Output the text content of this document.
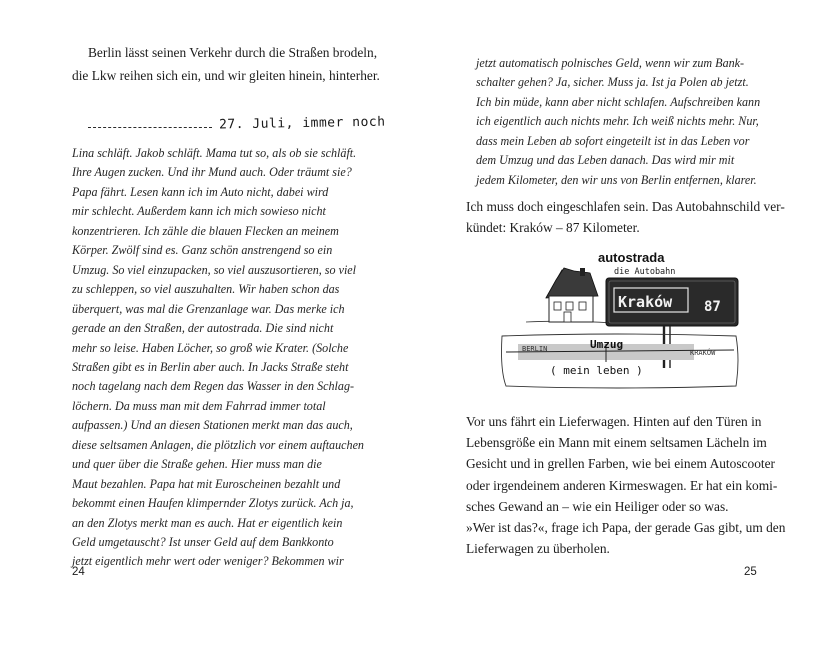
Berlin lässt seinen Verkehr durch die Straßen brodeln,
die Lkw reihen sich ein, und wir gleiten hinein, hinterher.
27. Juli, immer noch
Lina schläft. Jakob schläft. Mama tut so, als ob sie schläft.
Ihre Augen zucken. Und ihr Mund auch. Oder träumt sie?
Papa fährt. Lesen kann ich im Auto nicht, dabei wird
mir schlecht. Außerdem kann ich mich sowieso nicht
konzentrieren. Ich zähle die blauen Flecken an meinem
Körper. Zwölf sind es. Ganz schön anstrengend so ein
Umzug. So viel einzupacken, so viel auszusortieren, so viel
zu schleppen, so viel auszuhalten. Wir haben schon das
überquert, was mal die Grenzanlage war. Das merke ich
gerade an den Straßen, der autostrada. Die sind nicht
mehr so leise. Haben Löcher, so groß wie Krater. (Solche
Straßen gibt es in Berlin aber auch. In Jacks Straße steht
noch tagelang nach dem Regen das Wasser in den Schlag-
löchern. Da muss man mit dem Fahrrad immer total
aufpassen.) Und an diesen Stationen merkt man das auch,
diese seltsamen Anlagen, die plötzlich vor einem auftauchen
und quer über die Straße gehen. Hier muss man die
Maut bezahlen. Papa hat mit Euroscheinen bezahlt und
bekommt einen Haufen klimpernder Zlotys zurück. Ach ja,
an den Zlotys merkt man es auch. Hat er eigentlich kein
Geld umgetauscht? Ist unser Geld auf dem Bankkonto
jetzt eigentlich mehr wert oder weniger? Bekommen wir
24
jetzt automatisch polnisches Geld, wenn wir zum Bank-
schalter gehen? Ja, sicher. Muss ja. Ist ja Polen ab jetzt.
Ich bin müde, kann aber nicht schlafen. Aufschreiben kann
ich eigentlich auch nichts mehr. Ich weiß nichts mehr. Nur,
dass mein Leben ab sofort eingeteilt ist in das Leben vor
dem Umzug und das Leben danach. Das wird mir mit
jedem Kilometer, den wir uns von Berlin entfernen, klarer.
Ich muss doch eingeschlafen sein. Das Autobahnschild ver-
kündet: Kraków – 87 Kilometer.
autostrada
die Autobahn
Kraków 87
BERLIN	KRAKÓW
Umzug
( mein leben )
Vor uns fährt ein Lieferwagen. Hinten auf den Türen in
Lebensgröße ein Mann mit einem seltsamen Lächeln im
Gesicht und in grellen Farben, wie bei einem Autoscooter
oder irgendeinem anderen Kirmeswagen. Er hat ein komi-
sches Gewand an – wie ein Heiliger oder so was.
»Wer ist das?«, frage ich Papa, der gerade Gas gibt, um den
Lieferwagen zu überholen.
25
